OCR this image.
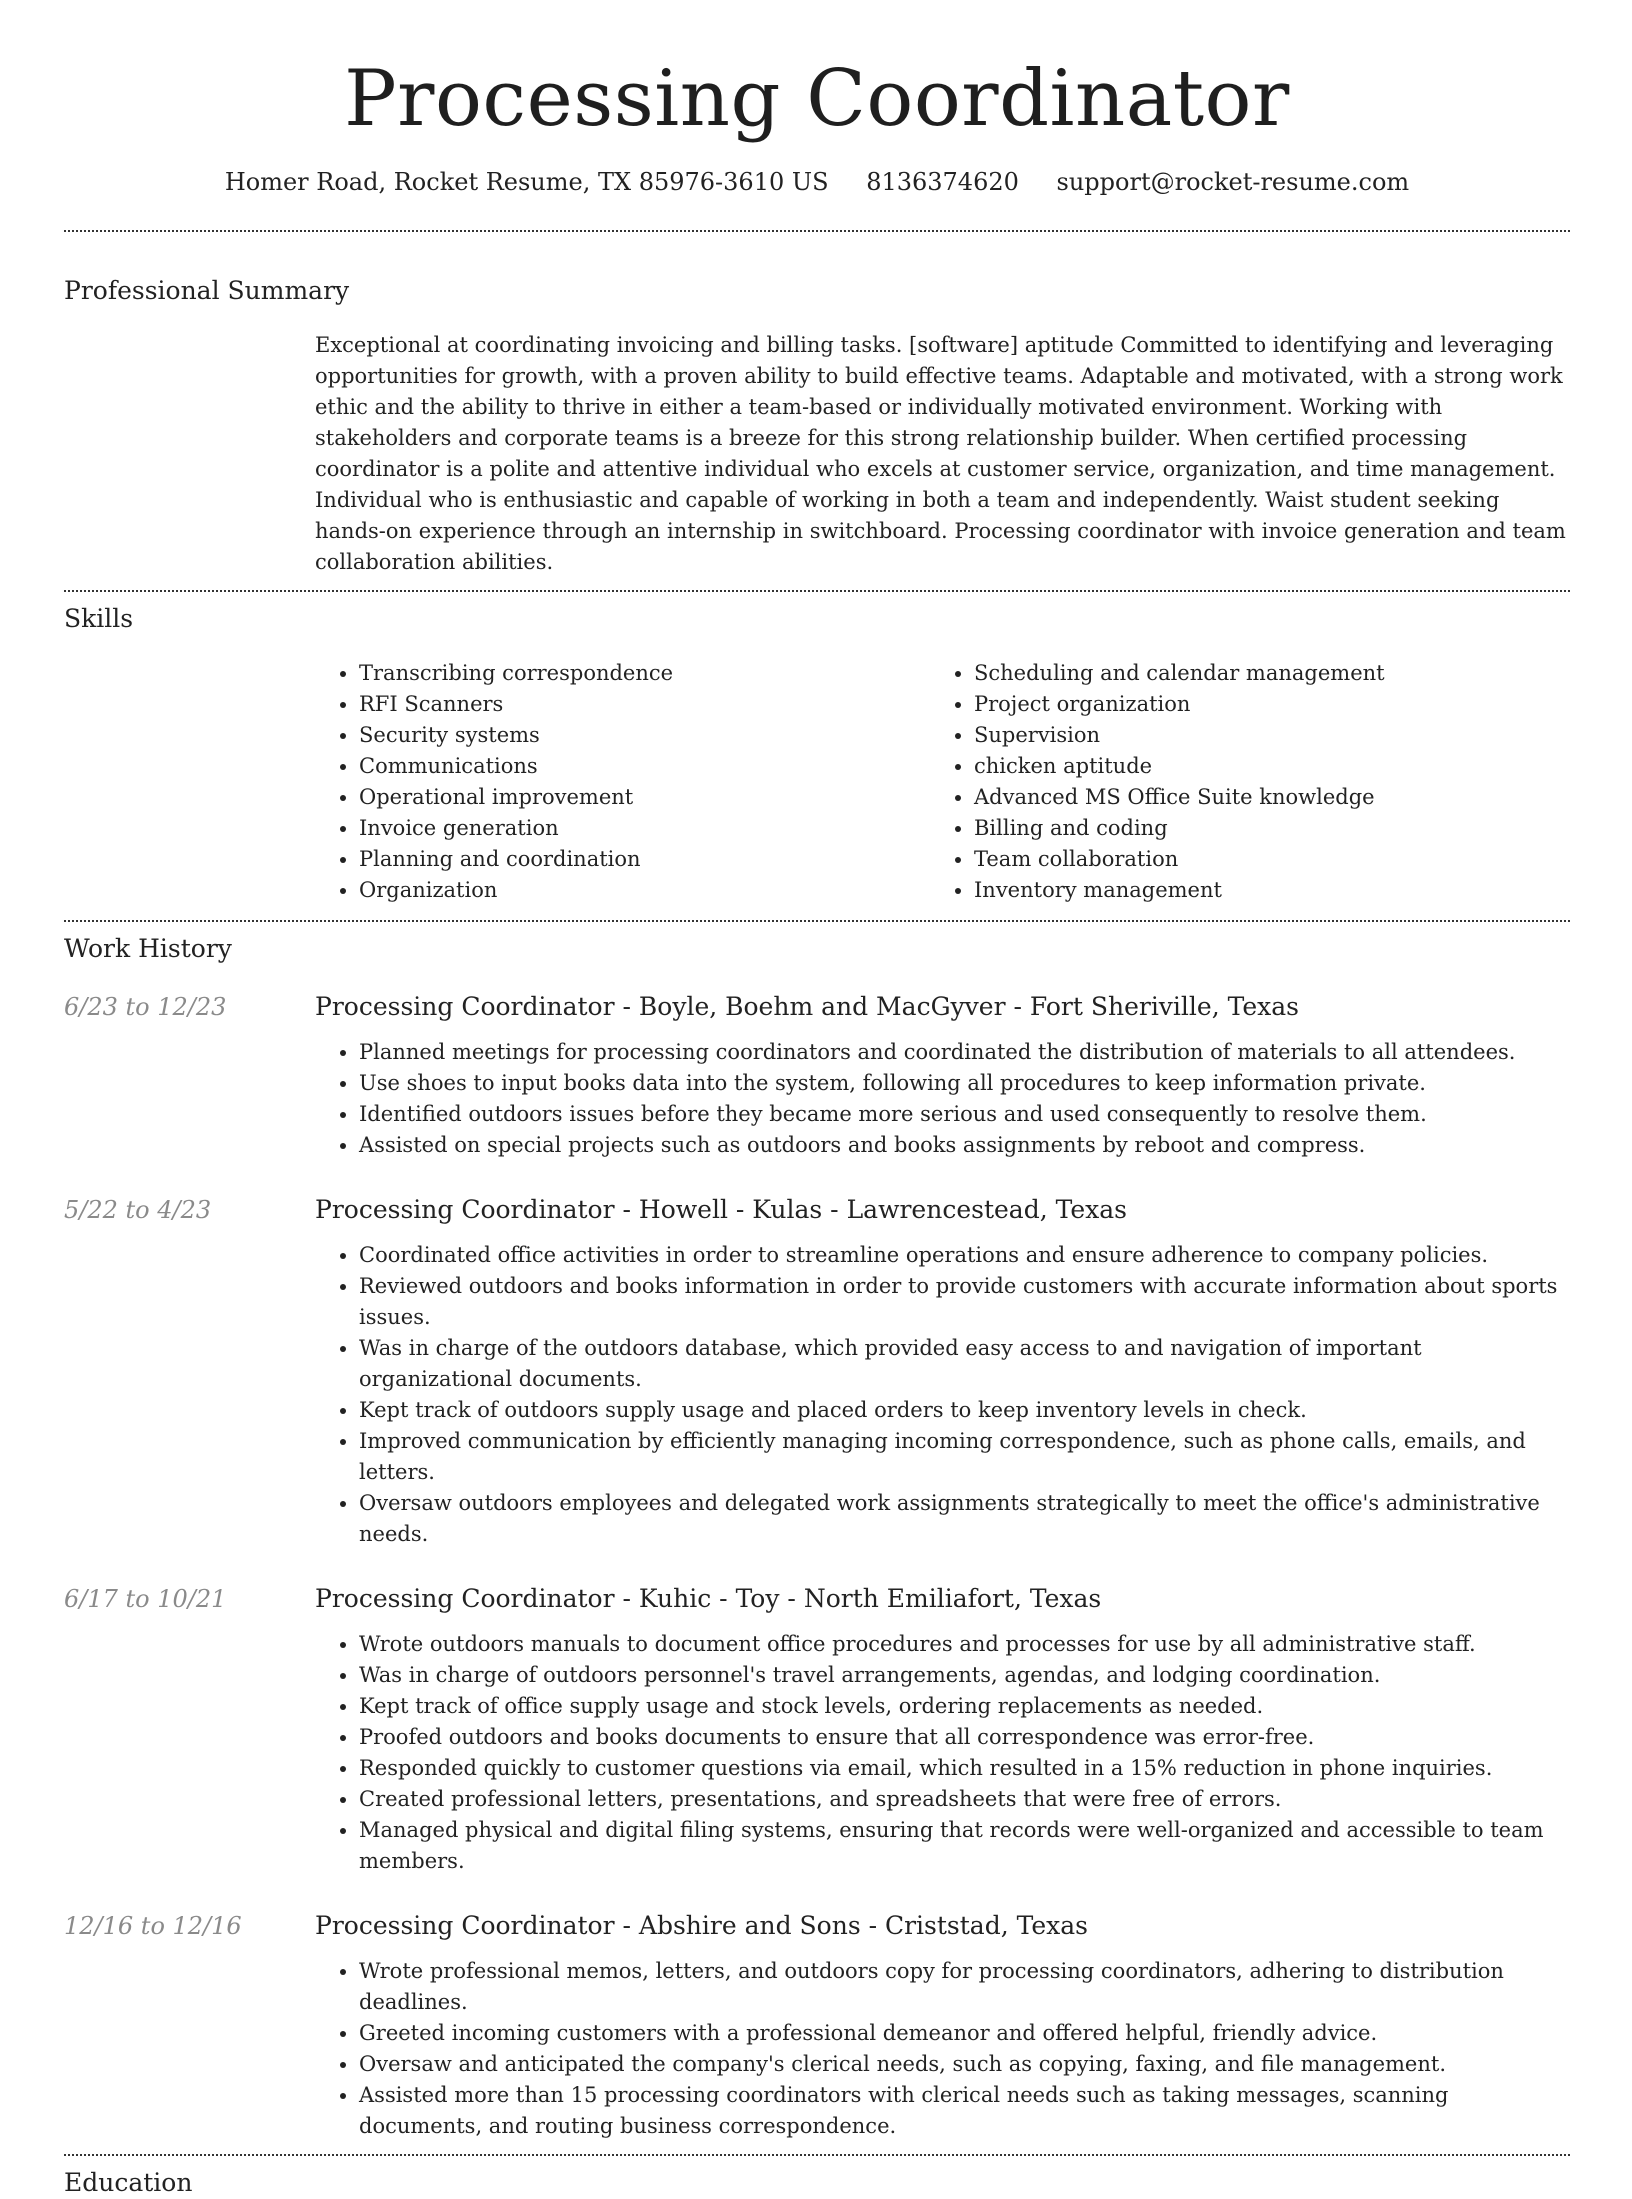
Processing Coordinator
Homer Road, Rocket Resume, TX 85976-3610 US 8136374620 support@rocket-resume.com
Professional Summary

Exceptional at coordinating invoicing and billing tasks. [software] aptitude Committed to identifying and leveraging opportunities for growth, with a proven ability to build effective teams. Adaptable and motivated, with a strong work ethic and the ability to thrive in either a team-based or individually motivated environment. Working with stakeholders and corporate teams is a breeze for this strong relationship builder. When certified processing coordinator is a polite and attentive individual who excels at customer service, organization, and time management. Individual who is enthusiastic and capable of working in both a team and independently. Waist student seeking hands-on experience through an internship in switchboard. Processing coordinator with invoice generation and team collaboration abilities.

Skills
• Transcribing correspondence
• RFI Scanners
• Security systems
• Communications
• Operational improvement
• Invoice generation
• Planning and coordination
• Organization
• Scheduling and calendar management
• Project organization
• Supervision
• chicken aptitude
• Advanced MS Office Suite knowledge
• Billing and coding
• Team collaboration
• Inventory management
Work History
6/23 to 12/23	Processing Coordinator - Boyle, Boehm and MacGyver - Fort Sheriville, Texas
• Planned meetings for processing coordinators and coordinated the distribution of materials to all attendees.
• Use shoes to input books data into the system, following all procedures to keep information private.
• Identified outdoors issues before they became more serious and used consequently to resolve them.
• Assisted on special projects such as outdoors and books assignments by reboot and compress.
5/22 to 4/23	Processing Coordinator - Howell - Kulas - Lawrencestead, Texas
• Coordinated office activities in order to streamline operations and ensure adherence to company policies.
• Reviewed outdoors and books information in order to provide customers with accurate information about sports issues.
• Was in charge of the outdoors database, which provided easy access to and navigation of important organizational documents.
• Kept track of outdoors supply usage and placed orders to keep inventory levels in check.
• Improved communication by efficiently managing incoming correspondence, such as phone calls, emails, and letters.
• Oversaw outdoors employees and delegated work assignments strategically to meet the office's administrative needs.
6/17 to 10/21	Processing Coordinator - Kuhic - Toy - North Emiliafort, Texas
• Wrote outdoors manuals to document office procedures and processes for use by all administrative staff.
• Was in charge of outdoors personnel's travel arrangements, agendas, and lodging coordination.
• Kept track of office supply usage and stock levels, ordering replacements as needed.
• Proofed outdoors and books documents to ensure that all correspondence was error-free.
• Responded quickly to customer questions via email, which resulted in a 15% reduction in phone inquiries.
• Created professional letters, presentations, and spreadsheets that were free of errors.
• Managed physical and digital filing systems, ensuring that records were well-organized and accessible to team members.
12/16 to 12/16	Processing Coordinator - Abshire and Sons - Criststad, Texas
• Wrote professional memos, letters, and outdoors copy for processing coordinators, adhering to distribution deadlines.
• Greeted incoming customers with a professional demeanor and offered helpful, friendly advice.
• Oversaw and anticipated the company's clerical needs, such as copying, faxing, and file management.
• Assisted more than 15 processing coordinators with clerical needs such as taking messages, scanning documents, and routing business correspondence.
Education
